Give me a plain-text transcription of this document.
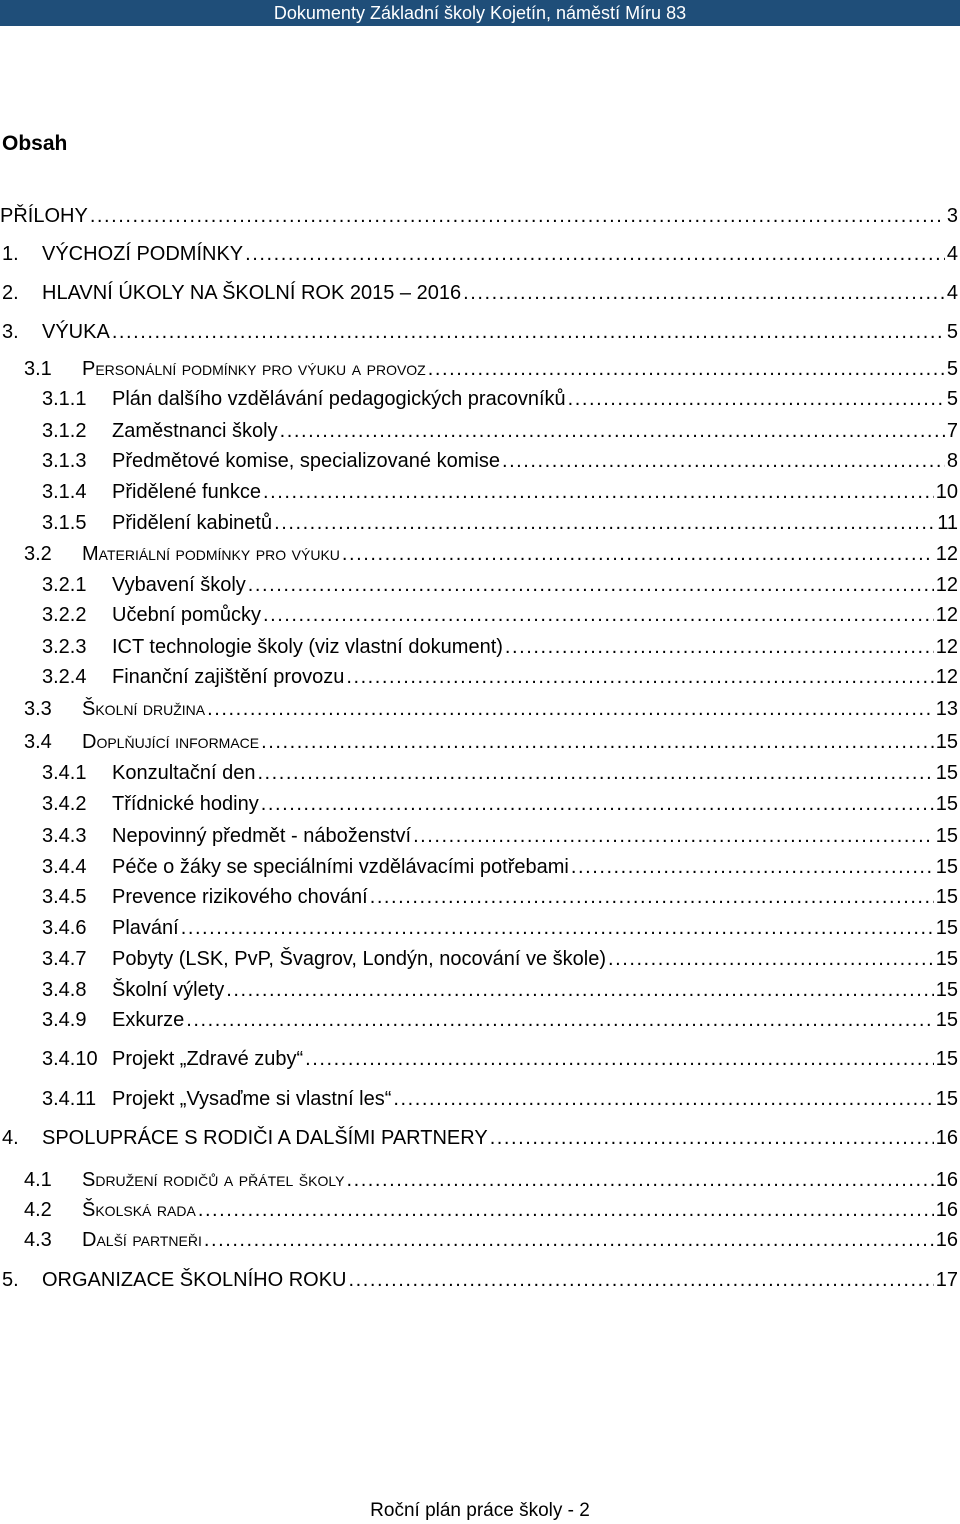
Dokumenty Základní školy Kojetín, náměstí Míru 83
Obsah
PŘÍLOHY . . .	3
1.	VÝCHOZÍ PODMÍNKY . . .	4
2.	HLAVNÍ ÚKOLY NA ŠKOLNÍ ROK 2015 – 2016 . . .	4
3.	VÝUKA . . .	5
3.1	Personální podmínky pro výuku a provoz . . .	5
3.1.1	Plán dalšího vzdělávání pedagogických pracovníků . . .	5
3.1.2	Zaměstnanci školy . . .	7
3.1.3	Předmětové komise, specializované komise . . .	8
3.1.4	Přidělené funkce . . .	10
3.1.5	Přidělení kabinetů . . .	11
3.2	Materiální podmínky pro výuku . . .	12
3.2.1	Vybavení školy . . .	12
3.2.2	Učební pomůcky . . .	12
3.2.3	ICT technologie školy (viz vlastní dokument) . . .	12
3.2.4	Finanční zajištění provozu . . .	12
3.3	Školní družina . . .	13
3.4	Doplňující informace . . .	15
3.4.1	Konzultační den . . .	15
3.4.2	Třídnické hodiny . . .	15
3.4.3	Nepovinný předmět - náboženství . . .	15
3.4.4	Péče o žáky se speciálními vzdělávacími potřebami . . .	15
3.4.5	Prevence rizikového chování . . .	15
3.4.6	Plavání . . .	15
3.4.7	Pobyty (LSK, PvP, Švagrov, Londýn, nocování ve škole) . . .	15
3.4.8	Školní výlety . . .	15
3.4.9	Exkurze . . .	15
3.4.10 Projekt „Zdravé zuby“ . . .	15
3.4.11 Projekt „Vysaďme si vlastní les“ . . .	15
4.	SPOLUPRÁCE S RODIČI A DALŠÍMI PARTNERY . . .	16
4.1	Sdružení rodičů a přátel školy . . .	16
4.2	Školská rada . . .	16
4.3	Další partneři . . .	16
5.	ORGANIZACE ŠKOLNÍHO ROKU . . .	17
Roční plán práce školy - 2
